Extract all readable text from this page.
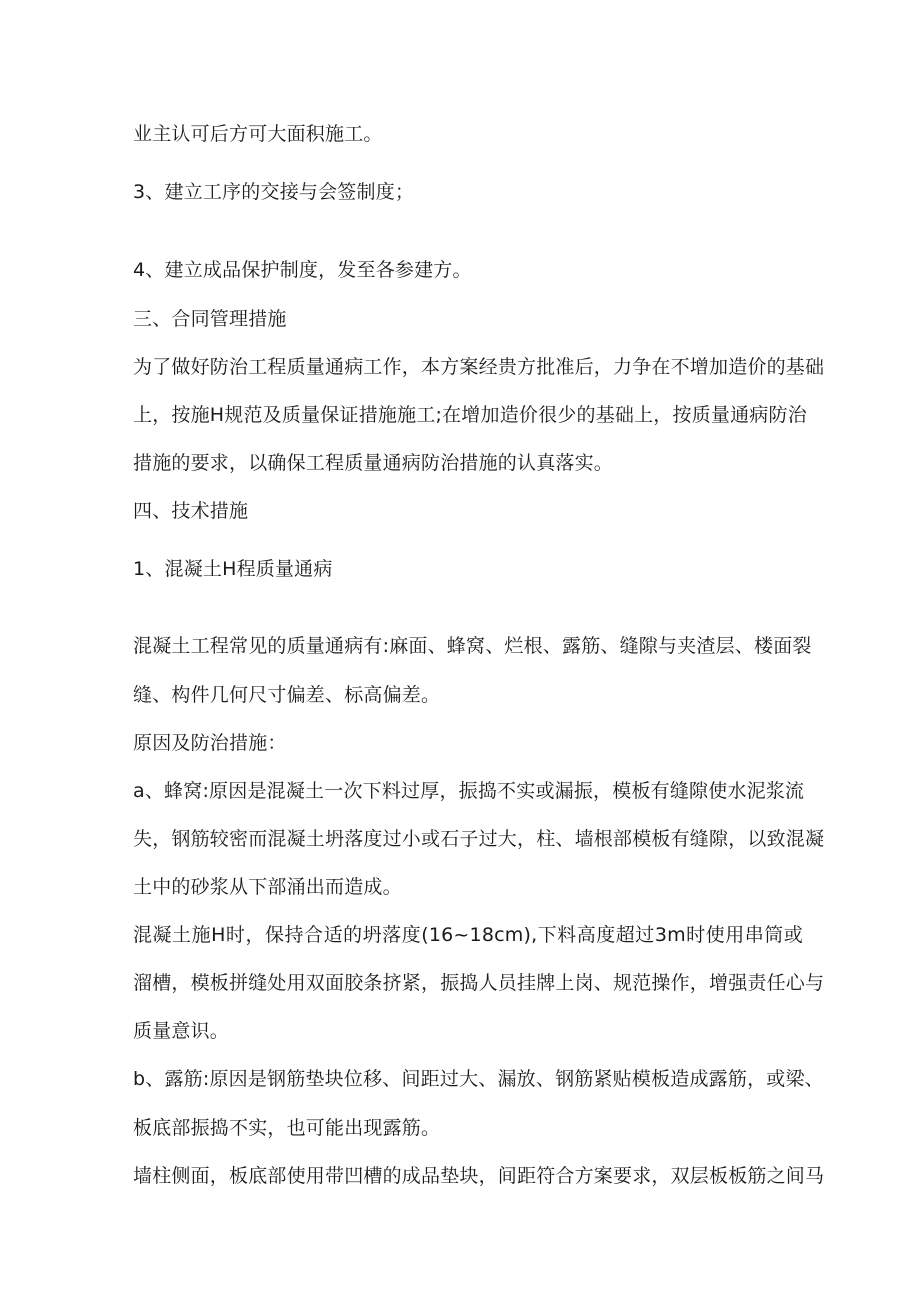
业主认可后方可大面积施工。
3、建立工序的交接与会签制度；
4、建立成品保护制度，发至各参建方。
三、合同管理措施
为了做好防治工程质量通病工作，本方案经贵方批准后，力争在不增加造价的基础
上，按施H规范及质量保证措施施工;在增加造价很少的基础上，按质量通病防治
措施的要求，以确保工程质量通病防治措施的认真落实。
四、技术措施
1、混凝土H程质量通病
混凝土工程常见的质量通病有:麻面、蜂窝、烂根、露筋、缝隙与夹渣层、楼面裂
缝、构件几何尺寸偏差、标高偏差。
原因及防治措施：
a、蜂窝:原因是混凝土一次下料过厚，振捣不实或漏振，模板有缝隙使水泥浆流
失，钢筋较密而混凝土坍落度过小或石子过大，柱、墙根部模板有缝隙，以致混凝
土中的砂浆从下部涌出而造成。
混凝土施H时，保持合适的坍落度(16~18cm),下料高度超过3m时使用串筒或
溜槽，模板拼缝处用双面胶条挤紧，振捣人员挂牌上岗、规范操作，增强责任心与
质量意识。
b、露筋:原因是钢筋垫块位移、间距过大、漏放、钢筋紧贴模板造成露筋，或梁、
板底部振捣不实，也可能出现露筋。
墙柱侧面，板底部使用带凹槽的成品垫块，间距符合方案要求，双层板板筋之间马
